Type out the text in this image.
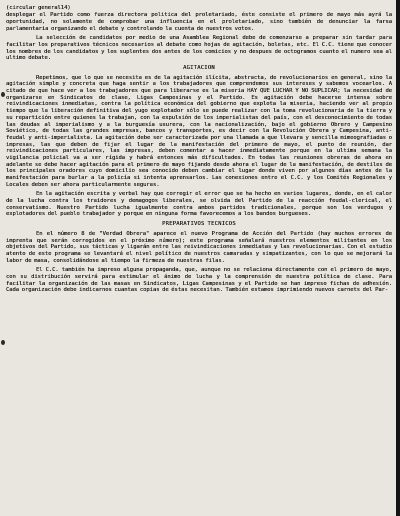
(circular general14)

desplegar el Partido como fuerza directora politica del proletariado, éste consiste el primero de mayo más ayrá la oportunidad, no solamente de comprobar una influencia en el proletariado, sino también de denunciar la farsa parlamentaria organizando el debate y controlando la cuenta de nuestros votos.

La selección de candidatos por medio de una Asamblea Regional debe de comenzarse a preparar sin tardar para facilitar los preparativos técnicos necesarios al debate como hojas de agitación, boletas, etc. El C.C. tiene que conocer los nombres de los candidatos y los suplentes dos antes de los comicios y no despues de octogramos cuanto el numero sea al ultimo debate.

AGITACION

Repetimos, que lo que se necesita es de la agitación ilícita, abstracta, de revolucionarios en general, sino la agitación simple y concreta que haga sentir a los trabajadores que comprendemos sus intereses y sabemos vocearlos. A citado de que hace ver a los trabajadores que para liberarse es la miseria HAY QUE LUCHAR Y NO SUPLICAR; la necesidad de organizarse en Sindicatos de clase, Ligas Campesinas y el Partido. Es agitación debe hacerse intensa sobre reivindicaciones inmediatas, contra la política económica del gobierno que explota la miseria, haciendo ver al propio tiempo que la liberación definitiva del yugo explotador sólo se puede realizar con la toma revolucionaria de la tierra y su repartición entre quienes la trabajan, con la expulsión de los imperialistas del país, con el desconocimiento de todas las deudas al imperialismo y a la burguesía usurera, con la nacionalización, bajo el gobierno Obrero y Campesino Soviético, de todas las grandes empresas, bancos y transportes, es decir con la Revolución Obrera y Campesina, anti-feudal y anti-imperialista. La agitación debe ser caracterizada por una llamada a que llevara y sencilla mimeografiadas o impresas, las que deben de fijar el lugar de la manifestación del primero de mayo, el punto de reunión, dar reivindicaciones particulares, las impresas, deben comentar a hacer inmediatamente porque en la ultima semana la vigilancia policial va a ser rígida y habrá entonces más dificultades. En todas las reuniones obreras de ahora en adelante se debe hacer agitación para el primero de mayo fijando desde ahora el lugar de la manifestación, de destiles de los principales oradores cuyo domicilio sea conocido deben cambiar el lugar donde viven por algunos días antes de la manifestación para burlar a la policía si intenta aprensarlos. Las conexiones entre el C.C. y los Comités Regionales y Locales deben ser ahora particularmente seguras.

En la agitación escrita y verbal hay que corregir el error que se ha hecho en varios lugares, donde, en el calor de la lucha contra los traidores y demagogos liberales, se olvida del Partido de la reacción feudal-clerical, el conservatismo. Nuestro Partido lucha igualmente contra ambos partidos tradicionales, porque son los verdugos y explotadores del pueblo trabajador y porque en ninguna forma favorecemos a los bandos burgueses.

PREPARATIVOS TECNICOS

En el número 8 de "Verdad Obrera" aparece el nuevo Programa de Acción del Partido (hay muchos errores de imprenta que serán corregidos en el próximo número); este programa señalará nuestros elementos militantes en los objetivos del Partido, sus tácticas y ligarán entre las reivindicaciones inmediatas y las revolucionarias. Con el estudio atento de este programa se levantará el nivel político de nuestros camaradas y simpatizantes, con lo que se mejorará la labor de masa, consolidándose al tiempo la firmeza de nuestras filas.

El C.C. también ha impreso alguna propaganda, que, aunque no se relaciona directamente con el primero de mayo, con su distribución servirá para estimular el ánimo de lucha y la comprensión de nuestra política de clase. Para facilitar la organización de las masas en Sindicatos, Ligas Campesinas y el Partido se han impreso fichas de adhesión. Cada organización debe indicarnos cuantas copias de éstas necesitan. También estamos imprimiendo nuevos carnets del Par-
